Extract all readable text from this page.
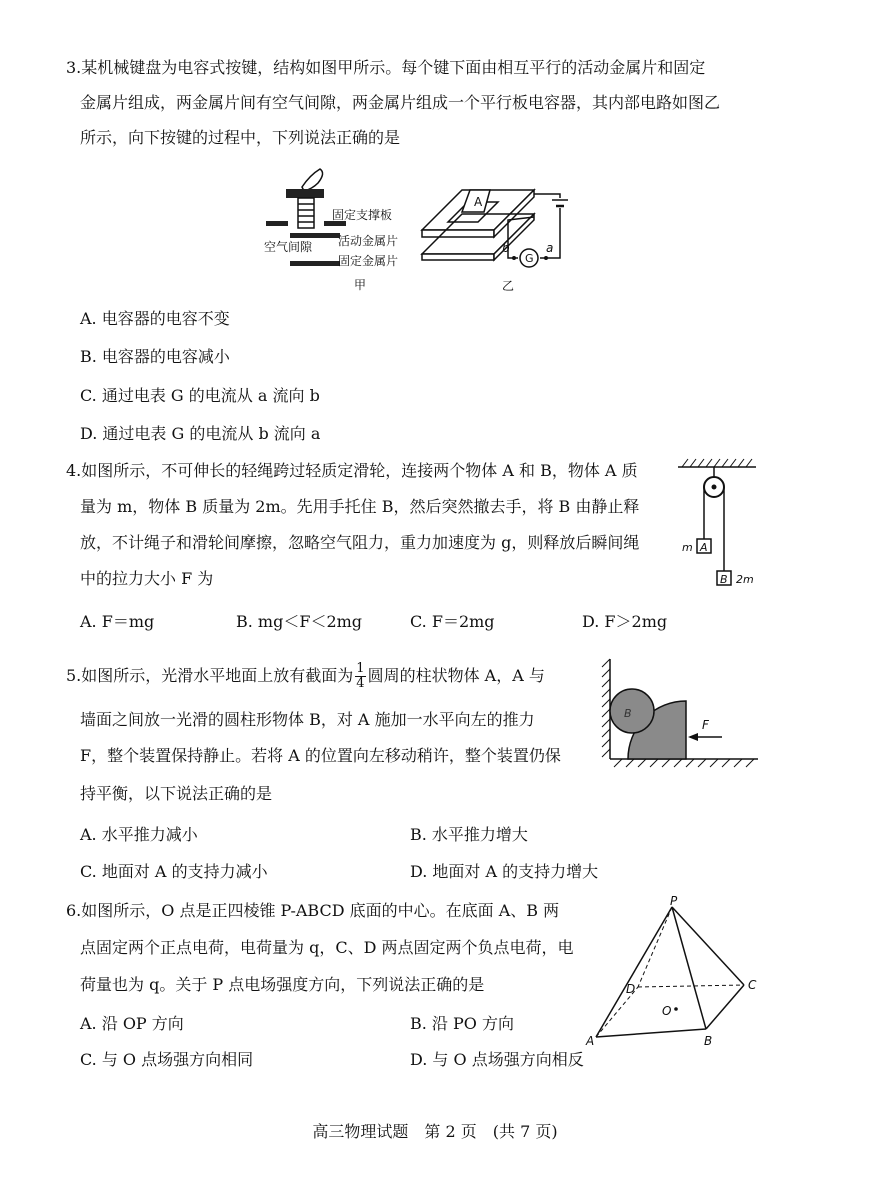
3.某机械键盘为电容式按键，结构如图甲所示。每个键下面由相互平行的活动金属片和固定
金属片组成，两金属片间有空气间隙，两金属片组成一个平行板电容器，其内部电路如图乙
所示，向下按键的过程中，下列说法正确的是
固定支撑板
空气间隙 活动金属片
固定金属片
甲
A
G
b	a
乙
A. 电容器的电容不变
B. 电容器的电容减小
C. 通过电表 G 的电流从 a 流向 b
D. 通过电表 G 的电流从 b 流向 a
4.如图所示，不可伸长的轻绳跨过轻质定滑轮，连接两个物体 A 和 B，物体 A 质
量为 m，物体 B 质量为 2m。先用手托住 B，然后突然撤去手，将 B 由静止释
放，不计绳子和滑轮间摩擦，忽略空气阻力，重力加速度为 g，则释放后瞬间绳
中的拉力大小 F 为
A
m
B 2m
A. F＝mg	B. mg＜F＜2mg	C. F＝2mg	D. F＞2mg
5.如图所示，光滑水平地面上放有截面为 $\frac{1}{4}$ 圆周的柱状物体 A，A 与
墙面之间放一光滑的圆柱形物体 B，对 A 施加一水平向左的推力
F，整个装置保持静止。若将 A 的位置向左移动稍许，整个装置仍保
持平衡，以下说法正确的是
B
F
A. 水平推力减小	B. 水平推力增大
C. 地面对 A 的支持力减小	D. 地面对 A 的支持力增大
6.如图所示，O 点是正四棱锥 P-ABCD 底面的中心。在底面 A、B 两
点固定两个正点电荷，电荷量为 q，C、D 两点固定两个负点电荷，电
荷量也为 q。关于 P 点电场强度方向，下列说法正确的是
P
A	B
C
D
O
A. 沿 OP 方向	B. 沿 PO 方向
C. 与 O 点场强方向相同	D. 与 O 点场强方向相反
高三物理试题　第 2 页　(共 7 页)
